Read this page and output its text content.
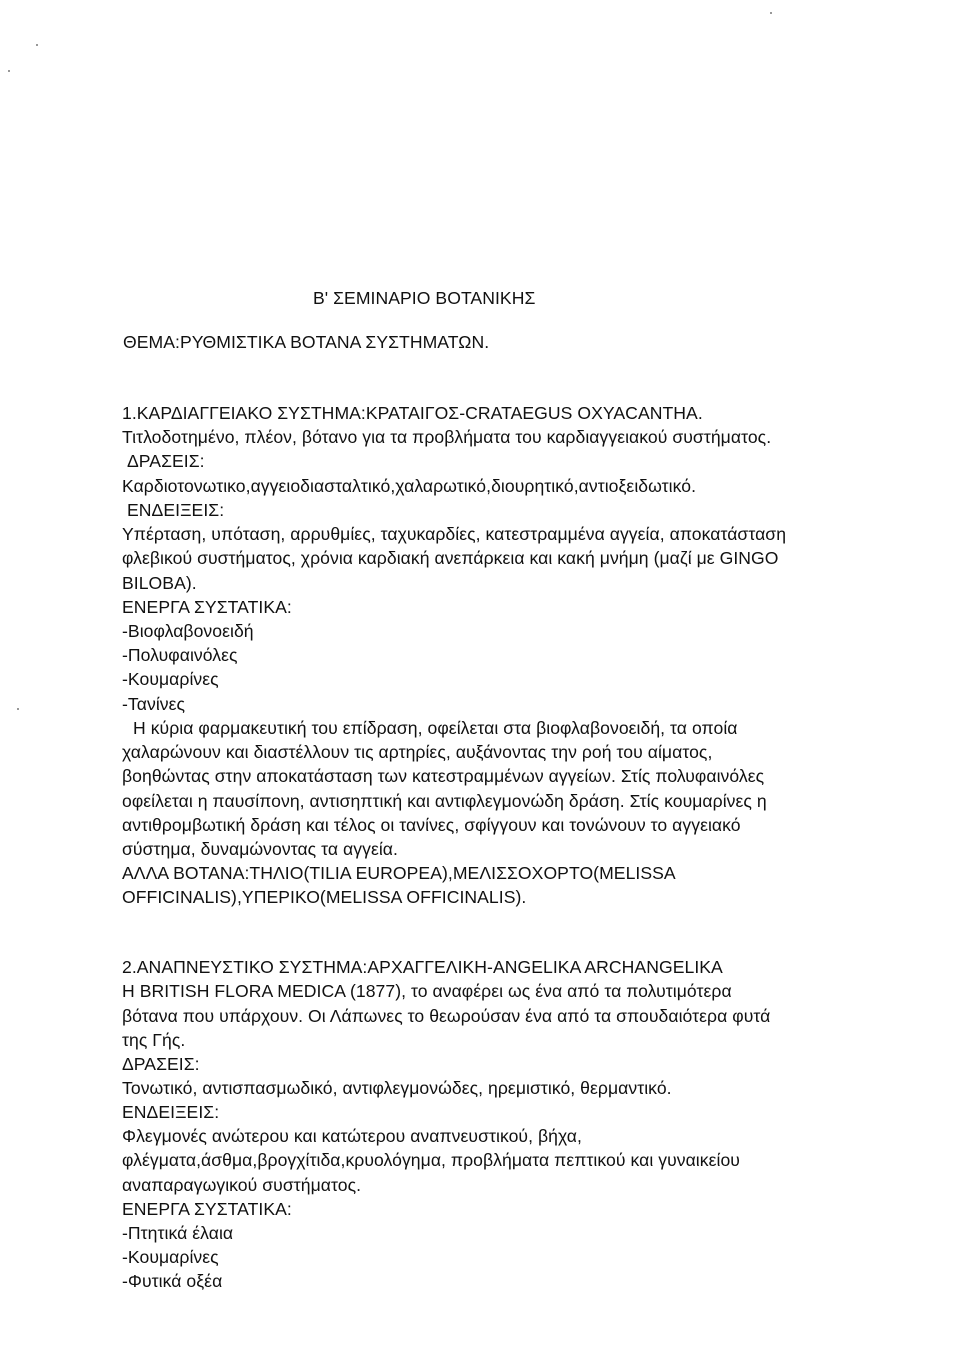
Β' ΣΕΜΙΝΑΡΙΟ ΒΟΤΑΝΙΚΗΣ
ΘΕΜΑ:ΡΥΘΜΙΣΤΙΚΑ ΒΟΤΑΝΑ ΣΥΣΤΗΜΑΤΩΝ.
1.ΚΑΡΔΙΑΓΓΕΙΑΚΟ ΣΥΣΤΗΜΑ:ΚΡΑΤΑΙΓΟΣ-CRATAEGUS OXYACANTHA.
Τιτλοδοτημένο, πλέον, βότανο για τα προβλήματα του καρδιαγγειακού συστήματος.
ΔΡΑΣΕΙΣ:
Καρδιοτονωτικο,αγγειοδιασταλτικό,χαλαρωτικό,διουρητικό,αντιοξειδωτικό.
ΕΝΔΕΙΞΕΙΣ:
Υπέρταση, υπόταση, αρρυθμίες, ταχυκαρδίες, κατεστραμμένα αγγεία, αποκατάσταση
φλεβικού συστήματος, χρόνια καρδιακή ανεπάρκεια και κακή μνήμη (μαζί με GINGO
BILOBA).
ΕΝΕΡΓΑ ΣΥΣΤΑΤΙΚΑ:
-Βιοφλαβονοειδή
-Πολυφαινόλες
-Κουμαρίνες
-Τανίνες
Η κύρια φαρμακευτική του επίδραση, οφείλεται στα βιοφλαβονοειδή, τα οποία
χαλαρώνουν και διαστέλλουν τις αρτηρίες, αυξάνοντας την ροή του αίματος,
βοηθώντας στην αποκατάσταση των κατεστραμμένων αγγείων. Στίς πολυφαινόλες
οφείλεται η παυσίπονη, αντισηπτική και αντιφλεγμονώδη δράση. Στίς κουμαρίνες η
αντιθρομβωτική δράση και τέλος οι τανίνες, σφίγγουν και τονώνουν το αγγειακό
σύστημα, δυναμώνοντας τα αγγεία.
ΑΛΛΑ ΒΟΤΑΝΑ:ΤΗΛΙΟ(TILIA EUROPEA),ΜΕΛΙΣΣΟΧΟΡΤΟ(MELISSA
OFFICINALIS),ΥΠΕΡΙΚΟ(MELISSA OFFICINALIS).
2.ΑΝΑΠΝΕΥΣΤΙΚΟ ΣΥΣΤΗΜΑ:ΑΡΧΑΓΓΕΛΙΚΗ-ANGELIKA ARCHANGELIKA
H BRITISH FLORA MEDICA (1877), το αναφέρει ως ένα από τα πολυτιμότερα
βότανα που υπάρχουν. Οι Λάπωνες το θεωρούσαν ένα από τα σπουδαιότερα φυτά
της Γής.
ΔΡΑΣΕΙΣ:
Τονωτικό, αντισπασμωδικό, αντιφλεγμονώδες, ηρεμιστικό, θερμαντικό.
ΕΝΔΕΙΞΕΙΣ:
Φλεγμονές ανώτερου και κατώτερου αναπνευστικού, βήχα,
φλέγματα,άσθμα,βρογχίτιδα,κρυολόγημα, προβλήματα πεπτικού και γυναικείου
αναπαραγωγικού συστήματος.
ΕΝΕΡΓΑ ΣΥΣΤΑΤΙΚΑ:
-Πτητικά έλαια
-Κουμαρίνες
-Φυτικά οξέα
